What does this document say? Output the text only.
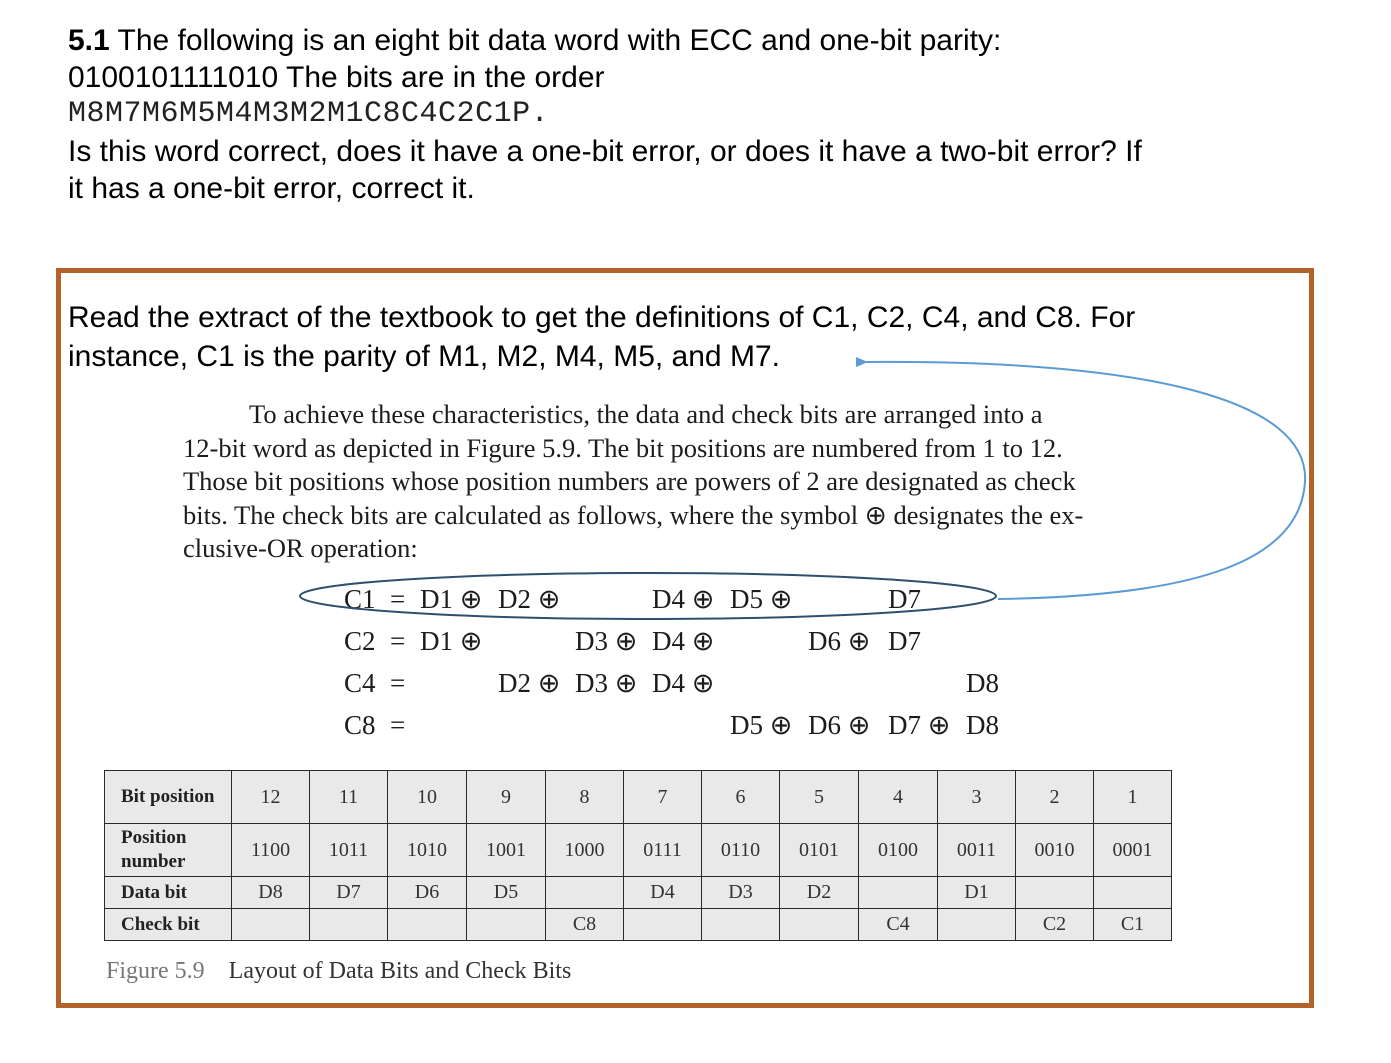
5.1 The following is an eight bit data word with ECC and one-bit parity:
0100101111010 The bits are in the order
M8M7M6M5M4M3M2M1C8C4C2C1P.
Is this word correct, does it have a one-bit error, or does it have a two-bit error? If
it has a one-bit error, correct it.
Read the extract of the textbook to get the definitions of C1, C2, C4, and C8. For
instance, C1 is the parity of M1, M2, M4, M5, and M7.
To achieve these characteristics, the data and check bits are arranged into a
12-bit word as depicted in Figure 5.9. The bit positions are numbered from 1 to 12.
Those bit positions whose position numbers are powers of 2 are designated as check
bits. The check bits are calculated as follows, where the symbol ⊕ designates the ex-
clusive-OR operation:
C1 = D1 ⊕ D2 ⊕	D4 ⊕ D5 ⊕	D7
C2 = D1 ⊕	D3 ⊕ D4 ⊕	D6 ⊕ D7
C4 =	D2 ⊕ D3 ⊕ D4 ⊕	D8
C8 =	D5 ⊕ D6 ⊕ D7 ⊕ D8
Bit position	12	11	10	9	8	7	6	5	4	3	2	1
Position number	1100	1011	1010	1001	1000	0111	0110	0101	0100	0011	0010	0001
Data bit	D8	D7	D6	D5		D4	D3	D2		D1		
Check bit					C8				C4		C2	C1
Figure 5.9 Layout of Data Bits and Check Bits
